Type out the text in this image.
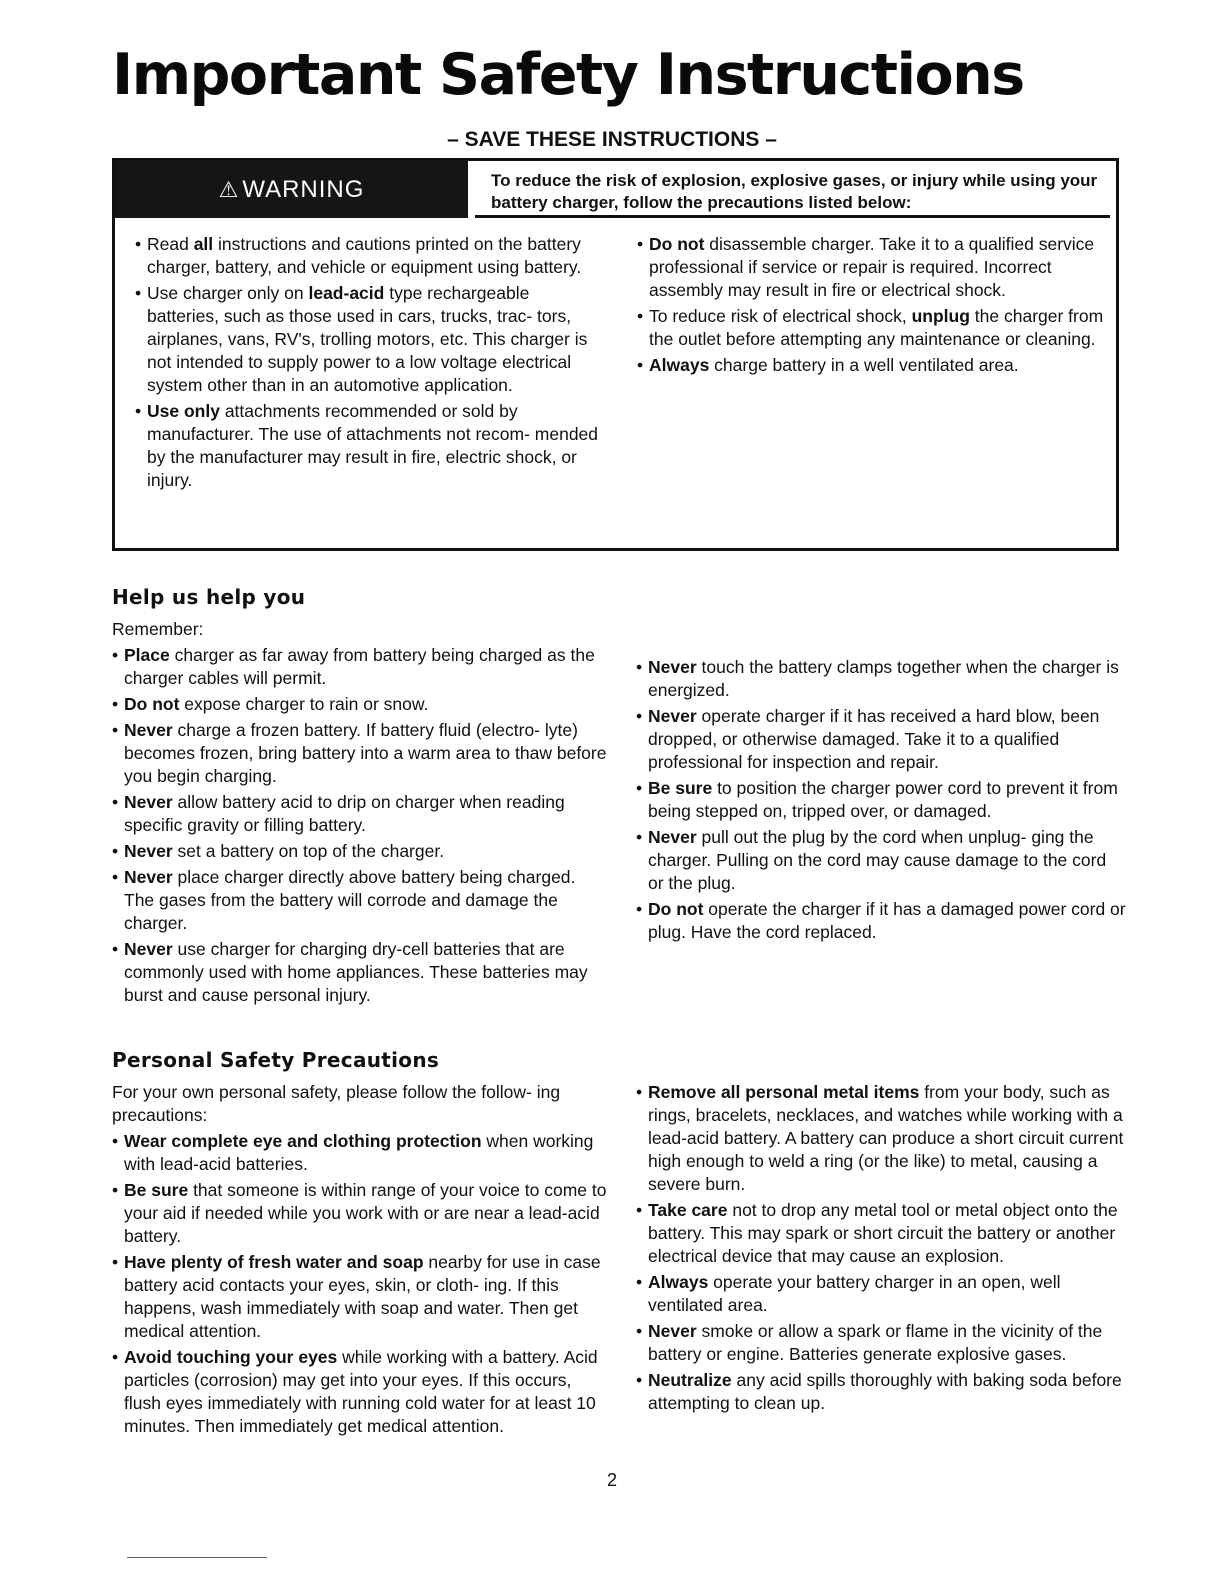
Important Safety Instructions
– SAVE THESE INSTRUCTIONS –
⚠ WARNING	To reduce the risk of explosion, explosive gases, or injury while using your battery charger, follow the precautions listed below:
• Read all instructions and cautions printed on the battery charger, battery, and vehicle or equipment using battery.
• Use charger only on lead-acid type rechargeable batteries, such as those used in cars, trucks, trac- tors, airplanes, vans, RV's, trolling motors, etc. This charger is not intended to supply power to a low voltage electrical system other than in an automotive application.
• Use only attachments recommended or sold by manufacturer. The use of attachments not recom- mended by the manufacturer may result in fire, electric shock, or injury.
• Do not disassemble charger. Take it to a qualified service professional if service or repair is required. Incorrect assembly may result in fire or electrical shock.
• To reduce risk of electrical shock, unplug the charger from the outlet before attempting any maintenance or cleaning.
• Always charge battery in a well ventilated area.
Help us help you
Remember:
• Place charger as far away from battery being charged as the charger cables will permit.
• Do not expose charger to rain or snow.
• Never charge a frozen battery. If battery fluid (electro- lyte) becomes frozen, bring battery into a warm area to thaw before you begin charging.
• Never allow battery acid to drip on charger when reading specific gravity or filling battery.
• Never set a battery on top of the charger.
• Never place charger directly above battery being charged. The gases from the battery will corrode and damage the charger.
• Never use charger for charging dry-cell batteries that are commonly used with home appliances. These batteries may burst and cause personal injury.
• Never touch the battery clamps together when the charger is energized.
• Never operate charger if it has received a hard blow, been dropped, or otherwise damaged. Take it to a qualified professional for inspection and repair.
• Be sure to position the charger power cord to prevent it from being stepped on, tripped over, or damaged.
• Never pull out the plug by the cord when unplug- ging the charger. Pulling on the cord may cause damage to the cord or the plug.
• Do not operate the charger if it has a damaged power cord or plug. Have the cord replaced.
Personal Safety Precautions
For your own personal safety, please follow the follow- ing precautions:
• Wear complete eye and clothing protection when working with lead-acid batteries.
• Be sure that someone is within range of your voice to come to your aid if needed while you work with or are near a lead-acid battery.
• Have plenty of fresh water and soap nearby for use in case battery acid contacts your eyes, skin, or cloth- ing. If this happens, wash immediately with soap and water. Then get medical attention.
• Avoid touching your eyes while working with a battery. Acid particles (corrosion) may get into your eyes. If this occurs, flush eyes immediately with running cold water for at least 10 minutes. Then immediately get medical attention.
• Remove all personal metal items from your body, such as rings, bracelets, necklaces, and watches while working with a lead-acid battery. A battery can produce a short circuit current high enough to weld a ring (or the like) to metal, causing a severe burn.
• Take care not to drop any metal tool or metal object onto the battery. This may spark or short circuit the battery or another electrical device that may cause an explosion.
• Always operate your battery charger in an open, well ventilated area.
• Never smoke or allow a spark or flame in the vicinity of the battery or engine. Batteries generate explosive gases.
• Neutralize any acid spills thoroughly with baking soda before attempting to clean up.
2
